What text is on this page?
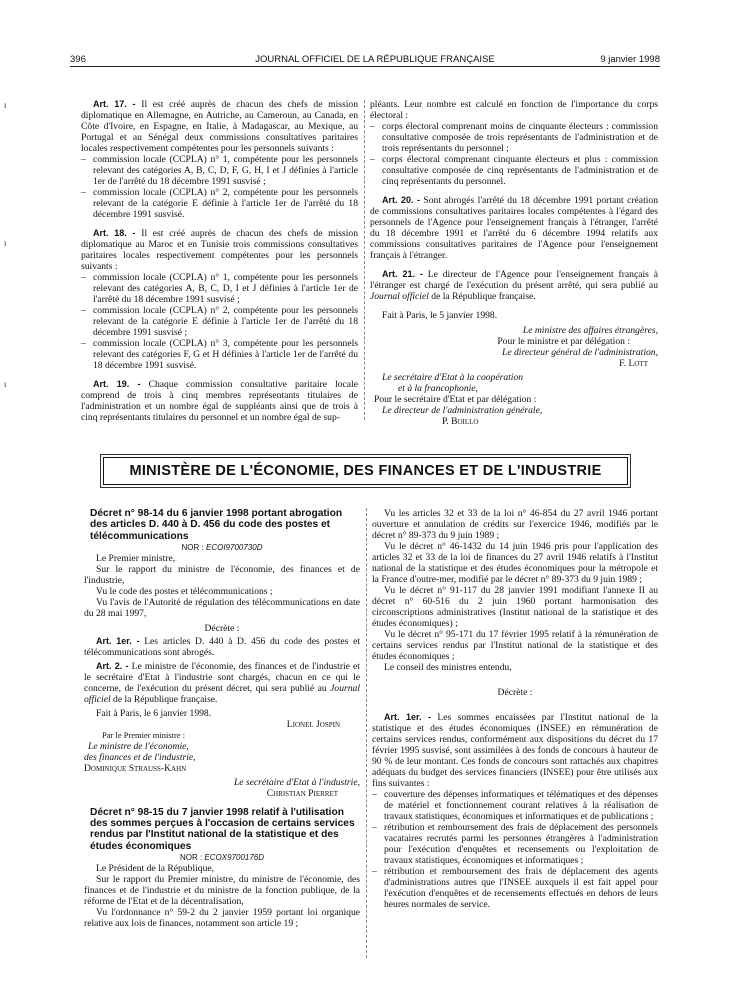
396	JOURNAL OFFICIEL DE LA RÉPUBLIQUE FRANÇAISE	9 janvier 1998
ι
ι
ι

Art. 17. - Il est créé auprès de chacun des chefs de mission diplomatique en Allemagne, en Autriche, au Cameroun, au Canada, en Côte d'Ivoire, en Espagne, en Italie, à Madagascar, au Mexique, au Portugal et au Sénégal deux commissions consultatives paritaires locales respectivement compétentes pour les personnels suivants :

– commission locale (CCPLA) n° 1, compétente pour les personnels relevant des catégories A, B, C, D, F, G, H, I et J définies à l'article 1er de l'arrêté du 18 décembre 1991 susvisé ;
– commission locale (CCPLA) n° 2, compétente pour les personnels relevant de la catégorie E définie à l'article 1er de l'arrêté du 18 décembre 1991 susvisé.

Art. 18. - Il est créé auprès de chacun des chefs de mission diplomatique au Maroc et en Tunisie trois commissions consultatives paritaires locales respectivement compétentes pour les personnels suivants :

– commission locale (CCPLA) n° 1, compétente pour les personnels relevant des catégories A, B, C, D, I et J définies à l'article 1er de l'arrêté du 18 décembre 1991 susvisé ;
– commission locale (CCPLA) n° 2, compétente pour les personnels relevant de la catégorie E définie à l'article 1er de l'arrêté du 18 décembre 1991 susvisé ;
– commission locale (CCPLA) n° 3, compétente pour les personnels relevant des catégories F, G et H définies à l'article 1er de l'arrêté du 18 décembre 1991 susvisé.

Art. 19. - Chaque commission consultative paritaire locale comprend de trois à cinq membres représentants titulaires de l'administration et un nombre égal de suppléants ainsi que de trois à cinq représentants titulaires du personnel et un nombre égal de sup-

pléants. Leur nombre est calculé en fonction de l'importance du corps électoral :

– corps électoral comprenant moins de cinquante électeurs : commission consultative composée de trois représentants de l'administration et de trois représentants du personnel ;
– corps électoral comprenant cinquante électeurs et plus : commission consultative composée de cinq représentants de l'administration et de cinq représentants du personnel.

Art. 20. - Sont abrogés l'arrêté du 18 décembre 1991 portant création de commissions consultatives paritaires locales compétentes à l'égard des personnels de l'Agence pour l'enseignement français à l'étranger, l'arrêté du 18 décembre 1991 et l'arrêté du 6 décembre 1994 relatifs aux commissions consultatives paritaires de l'Agence pour l'enseignement français à l'étranger.

Art. 21. - Le directeur de l'Agence pour l'enseignement français à l'étranger est chargé de l'exécution du présent arrêté, qui sera publié au Journal officiel de la République française.

Fait à Paris, le 5 janvier 1998.

Le ministre des affaires étrangères,

Pour le ministre et par délégation :

Le directeur général de l'administration,

F. Lott

Le secrétaire d'Etat à la coopération

et à la francophonie,

Pour le secrétaire d'Etat et par délégation :

Le directeur de l'administration générale,

P. Boillo

MINISTÈRE DE L'ÉCONOMIE, DES FINANCES ET DE L'INDUSTRIE

Décret n° 98-14 du 6 janvier 1998 portant abrogation des articles D. 440 à D. 456 du code des postes et télécommunications

NOR : ECOI9700730D

Le Premier ministre,

Sur le rapport du ministre de l'économie, des finances et de l'industrie,

Vu le code des postes et télécommunications ;

Vu l'avis de l'Autorité de régulation des télécommunications en date du 28 mai 1997,

Décrète :

Art. 1er. - Les articles D. 440 à D. 456 du code des postes et télécommunications sont abrogés.

Art. 2. - Le ministre de l'économie, des finances et de l'industrie et le secrétaire d'Etat à l'industrie sont chargés, chacun en ce qui le concerne, de l'exécution du présent décret, qui sera publié au Journal officiel de la République française.

Fait à Paris, le 6 janvier 1998.

Lionel Jospin

Par le Premier ministre :

Le ministre de l'économie,

des finances et de l'industrie,

Dominique Strauss-Kahn

Le secrétaire d'Etat à l'industrie,

Christian Pierret

Décret n° 98-15 du 7 janvier 1998 relatif à l'utilisation des sommes perçues à l'occasion de certains services rendus par l'Institut national de la statistique et des études économiques

NOR : ECOX9700176D

Le Président de la République,

Sur le rapport du Premier ministre, du ministre de l'économie, des finances et de l'industrie et du ministre de la fonction publique, de la réforme de l'Etat et de la décentralisation,

Vu l'ordonnance n° 59-2 du 2 janvier 1959 portant loi organique relative aux lois de finances, notamment son article 19 ;

Vu les articles 32 et 33 de la loi n° 46-854 du 27 avril 1946 portant ouverture et annulation de crédits sur l'exercice 1946, modifiés par le décret n° 89-373 du 9 juin 1989 ;

Vu le décret n° 46-1432 du 14 juin 1946 pris pour l'application des articles 32 et 33 de la loi de finances du 27 avril 1946 relatifs à l'Institut national de la statistique et des études économiques pour la métropole et la France d'outre-mer, modifié par le décret n° 89-373 du 9 juin 1989 ;

Vu le décret n° 91-117 du 28 janvier 1991 modifiant l'annexe II au décret n° 60-516 du 2 juin 1960 portant harmonisation des circonscriptions administratives (Institut national de la statistique et des études économiques) ;

Vu le décret n° 95-171 du 17 février 1995 relatif à la rémunération de certains services rendus par l'Institut national de la statistique et des études économiques ;

Le conseil des ministres entendu,

Décrète :

Art. 1er. - Les sommes encaissées par l'Institut national de la statistique et des études économiques (INSEE) en rémunération de certains services rendus, conformément aux dispositions du décret du 17 février 1995 susvisé, sont assimilées à des fonds de concours à hauteur de 90 % de leur montant. Ces fonds de concours sont rattachés aux chapitres adéquats du budget des services financiers (INSEE) pour être utilisés aux fins suivantes :

– couverture des dépenses informatiques et télématiques et des dépenses de matériel et fonctionnement courant relatives à la réalisation de travaux statistiques, économiques et informatiques et de publications ;
– rétribution et remboursement des frais de déplacement des personnels vacataires recrutés parmi les personnes étrangères à l'administration pour l'exécution d'enquêtes et recensements ou l'exploitation de travaux statistiques, économiques et informatiques ;
– rétribution et remboursement des frais de déplacement des agents d'administrations autres que l'INSEE auxquels il est fait appel pour l'exécution d'enquêtes et de recensements effectués en dehors de leurs heures normales de service.
